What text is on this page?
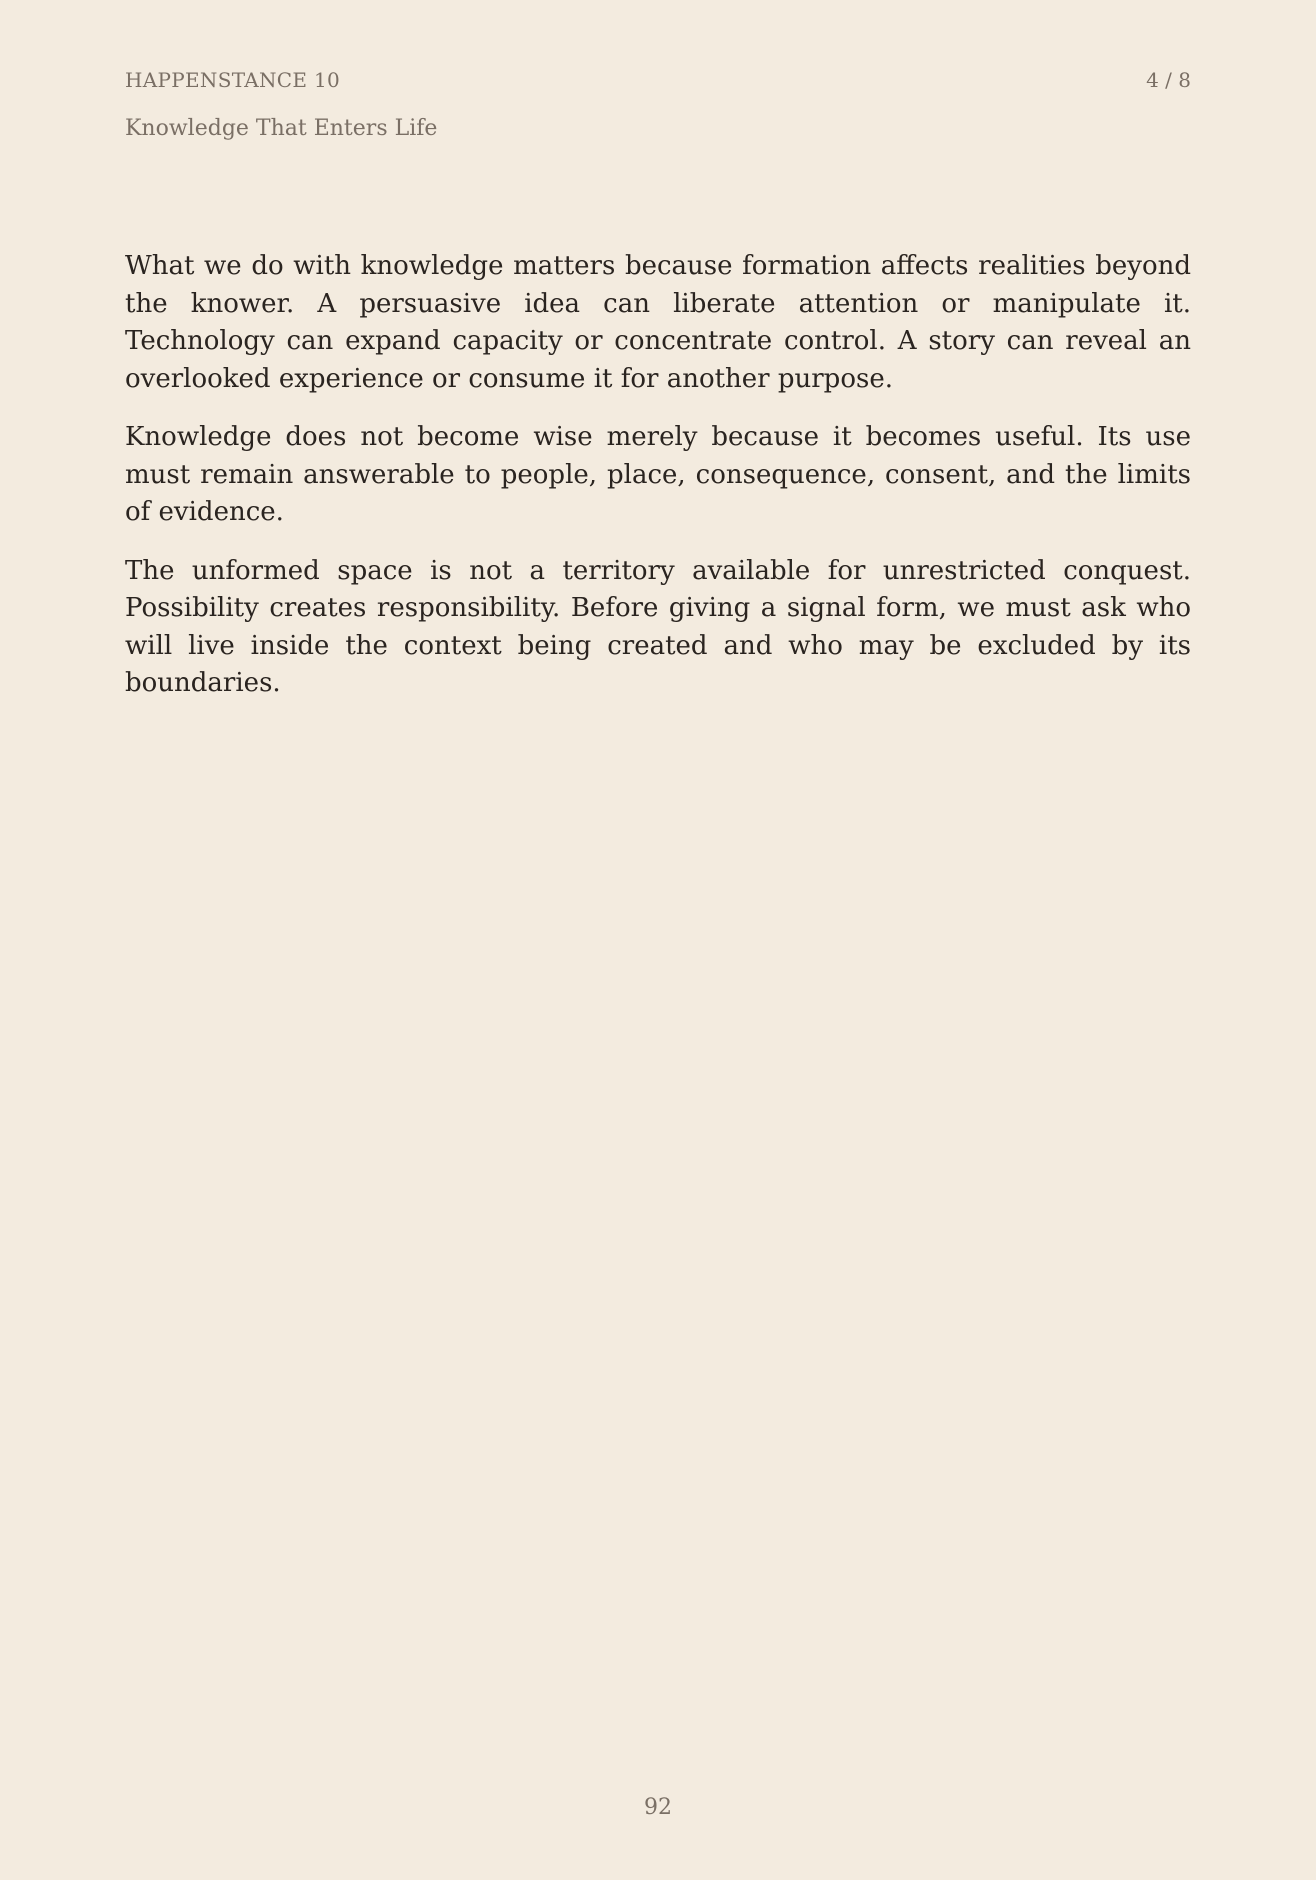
HAPPENSTANCE 10	4 / 8
Knowledge That Enters Life

What we do with knowledge matters because formation affects realities beyond the knower. A persuasive idea can liberate attention or manipulate it. Technology can expand capacity or concentrate control. A story can reveal an overlooked experience or consume it for another purpose.

Knowledge does not become wise merely because it becomes useful. Its use must remain answerable to people, place, consequence, consent, and the limits of evidence.

The unformed space is not a territory available for unrestricted conquest. Possibility creates responsibility. Before giving a signal form, we must ask who will live inside the context being created and who may be excluded by its boundaries.

92
